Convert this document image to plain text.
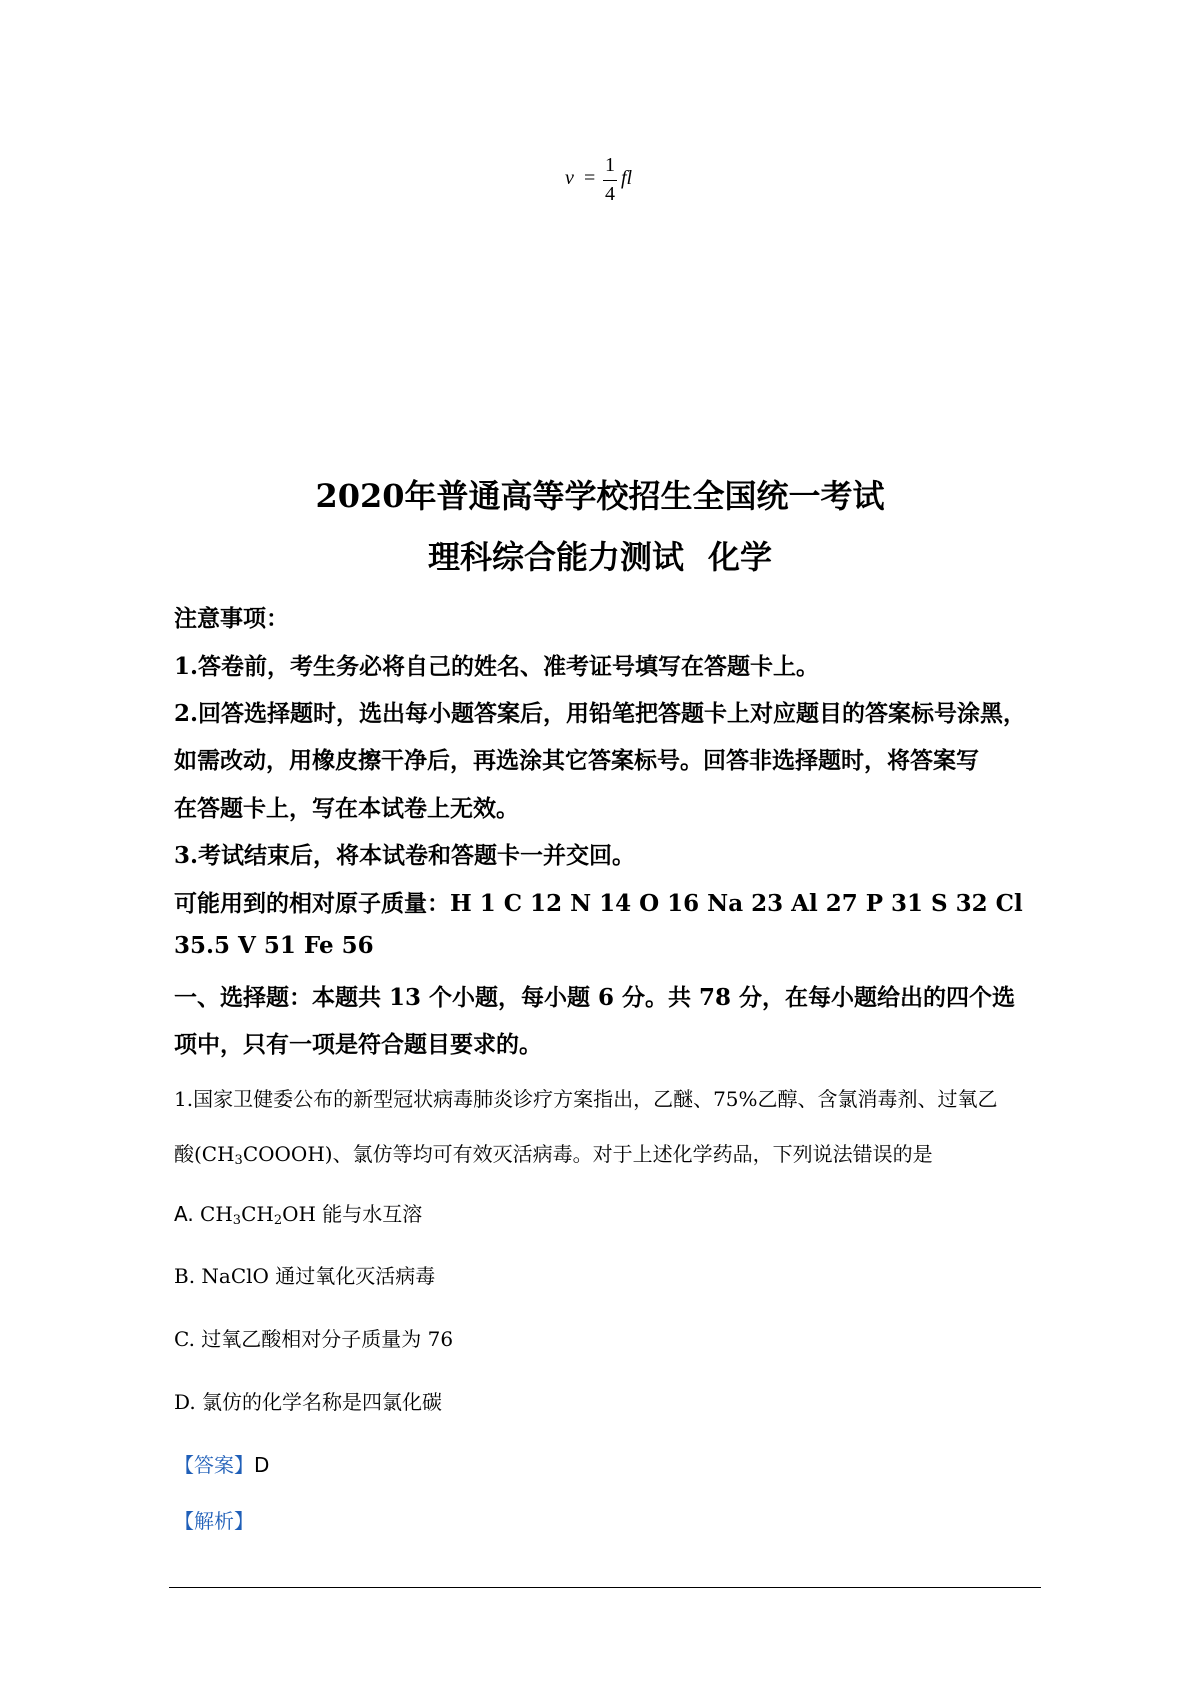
v =
1
4
fl
2020年普通高等学校招生全国统一考试
理科综合能力测试 化学
注意事项：
1.答卷前，考生务必将自己的姓名、准考证号填写在答题卡上。
2.回答选择题时，选出每小题答案后，用铅笔把答题卡上对应题目的答案标号涂黑，
如需改动，用橡皮擦干净后，再选涂其它答案标号。回答非选择题时，将答案写
在答题卡上，写在本试卷上无效。
3.考试结束后，将本试卷和答题卡一并交回。
可能用到的相对原子质量：H 1 C 12 N 14 O 16 Na 23 Al 27 P 31 S 32 Cl
35.5 V 51 Fe 56
一、选择题：本题共 13 个小题，每小题 6 分。共 78 分，在每小题给出的四个选
项中，只有一项是符合题目要求的。
1.国家卫健委公布的新型冠状病毒肺炎诊疗方案指出，乙醚、75%乙醇、含氯消毒剂、过氧乙
酸$(CH_3COOOH)$、氯仿等均可有效灭活病毒。对于上述化学药品，下列说法错误的是
A. $CH_3CH_2OH$ 能与水互溶
B. NaClO 通过氧化灭活病毒
C. 过氧乙酸相对分子质量为 76
D. 氯仿的化学名称是四氯化碳
【答案】D
【解析】
